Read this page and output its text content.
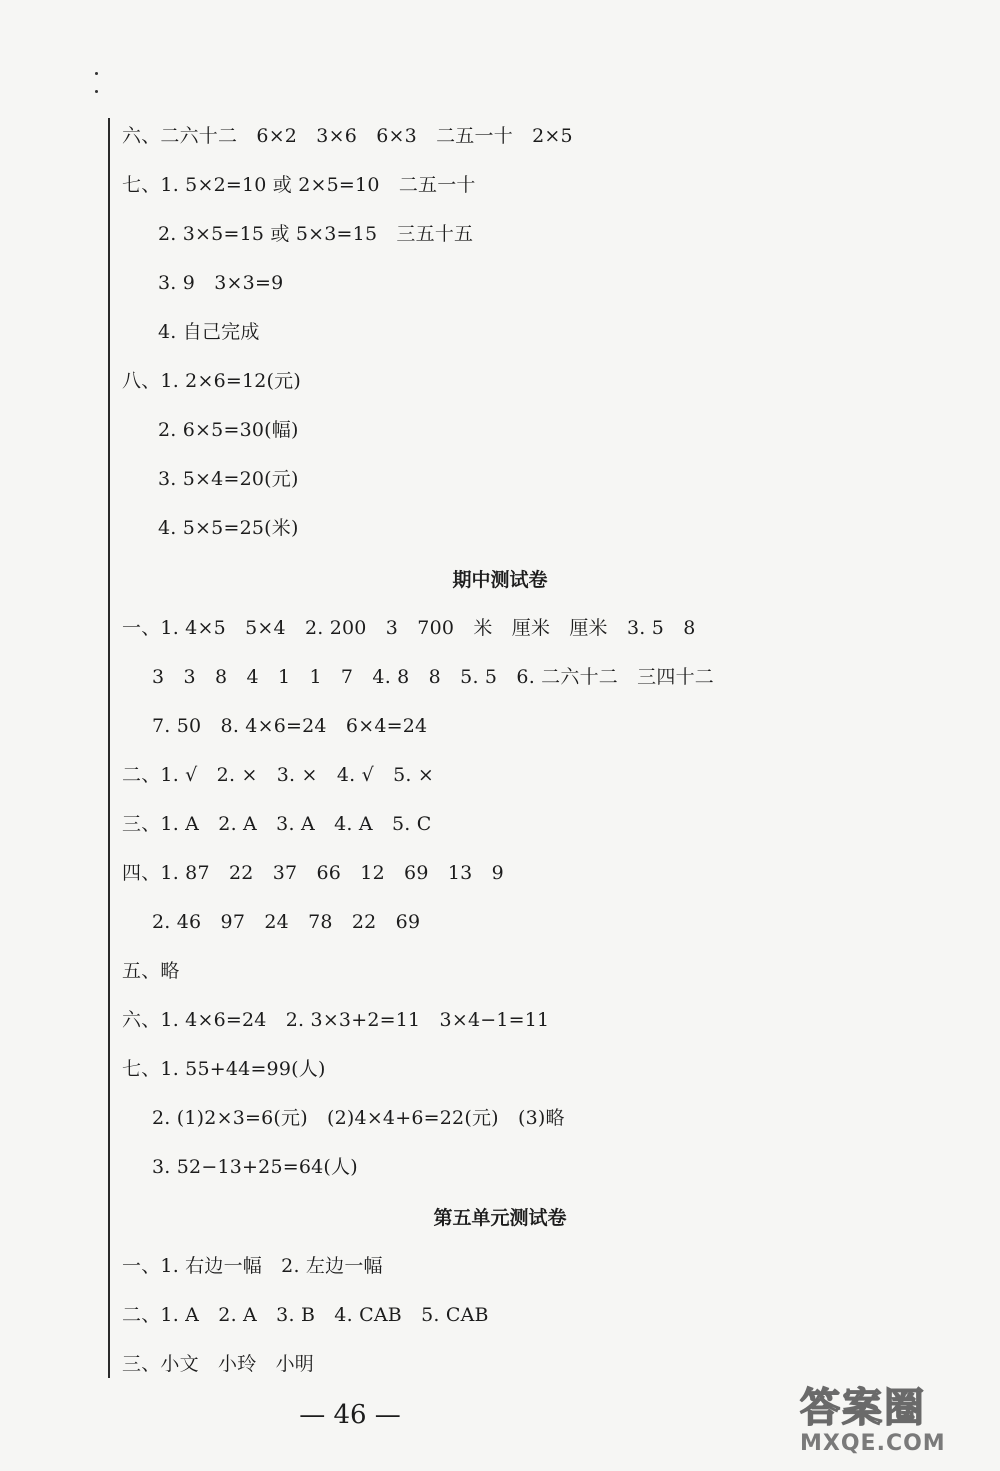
六、二六十二　6×2　3×6　6×3　二五一十　2×5
七、1. 5×2=10 或 2×5=10　二五一十
2. 3×5=15 或 5×3=15　三五十五
3. 9　3×3=9
4. 自己完成
八、1. 2×6=12(元)
2. 6×5=30(幅)
3. 5×4=20(元)
4. 5×5=25(米)
期中测试卷
一、1. 4×5　5×4　2. 200　3　700　米　厘米　厘米　3. 5　8
3　3　8　4　1　1　7　4. 8　8　5. 5　6. 二六十二　三四十二
7. 50　8. 4×6=24　6×4=24
二、1. √　2. ×　3. ×　4. √　5. ×
三、1. A　2. A　3. A　4. A　5. C
四、1. 87　22　37　66　12　69　13　9
2. 46　97　24　78　22　69
五、略
六、1. 4×6=24　2. 3×3+2=11　3×4−1=11
七、1. 55+44=99(人)
2. (1)2×3=6(元)　(2)4×4+6=22(元)　(3)略
3. 52−13+25=64(人)
第五单元测试卷
一、1. 右边一幅　2. 左边一幅
二、1. A　2. A　3. B　4. CAB　5. CAB
三、小文　小玲　小明
— 46 —	答案圈
MXQE.COM
